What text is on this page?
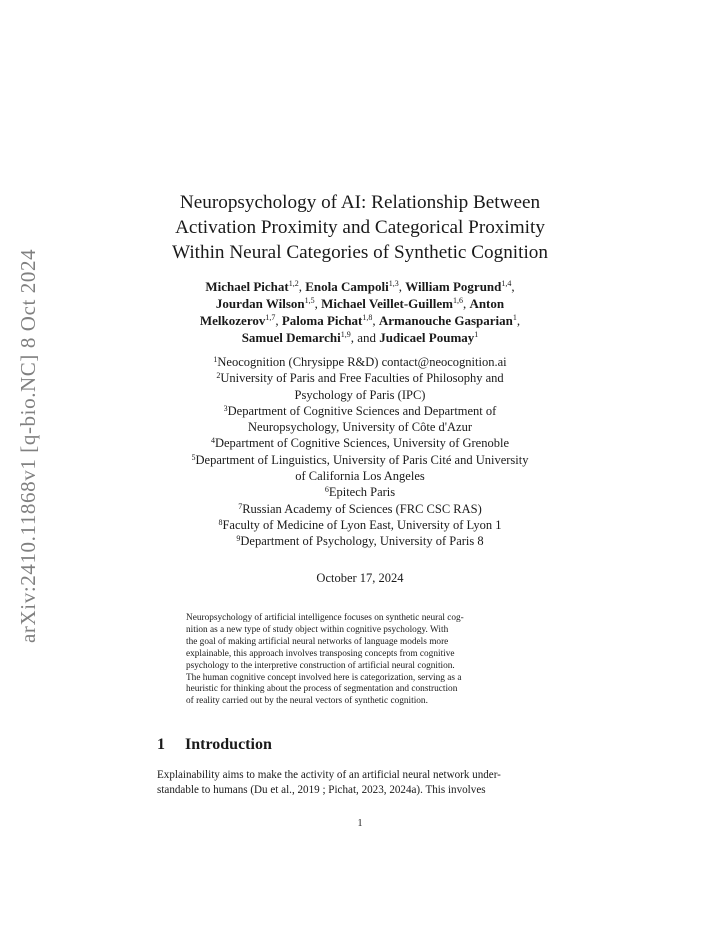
arXiv:2410.11868v1 [q-bio.NC] 8 Oct 2024
Neuropsychology of AI: Relationship Between
Activation Proximity and Categorical Proximity
Within Neural Categories of Synthetic Cognition
Michael Pichat$^{1,2}$, Enola Campoli$^{1,3}$, William Pogrund$^{1,4}$,
Jourdan Wilson$^{1,5}$, Michael Veillet-Guillem$^{1,6}$, Anton
Melkozerov$^{1,7}$, Paloma Pichat$^{1,8}$, Armanouche Gasparian$^1$,
Samuel Demarchi$^{1,9}$, and Judicael Poumay$^1$
$^1$Neocognition (Chrysippe R&D) contact@neocognition.ai
$^2$University of Paris and Free Faculties of Philosophy and
Psychology of Paris (IPC)
$^3$Department of Cognitive Sciences and Department of
Neuropsychology, University of Côte d'Azur
$^4$Department of Cognitive Sciences, University of Grenoble
$^5$Department of Linguistics, University of Paris Cité and University
of California Los Angeles
$^6$Epitech Paris
$^7$Russian Academy of Sciences (FRC CSC RAS)
$^8$Faculty of Medicine of Lyon East, University of Lyon 1
$^9$Department of Psychology, University of Paris 8
October 17, 2024
Neuropsychology of artificial intelligence focuses on synthetic neural cog-
nition as a new type of study object within cognitive psychology. With
the goal of making artificial neural networks of language models more
explainable, this approach involves transposing concepts from cognitive
psychology to the interpretive construction of artificial neural cognition.
The human cognitive concept involved here is categorization, serving as a
heuristic for thinking about the process of segmentation and construction
of reality carried out by the neural vectors of synthetic cognition.
1 Introduction
Explainability aims to make the activity of an artificial neural network under-
standable to humans (Du et al., 2019 ; Pichat, 2023, 2024a). This involves
1
